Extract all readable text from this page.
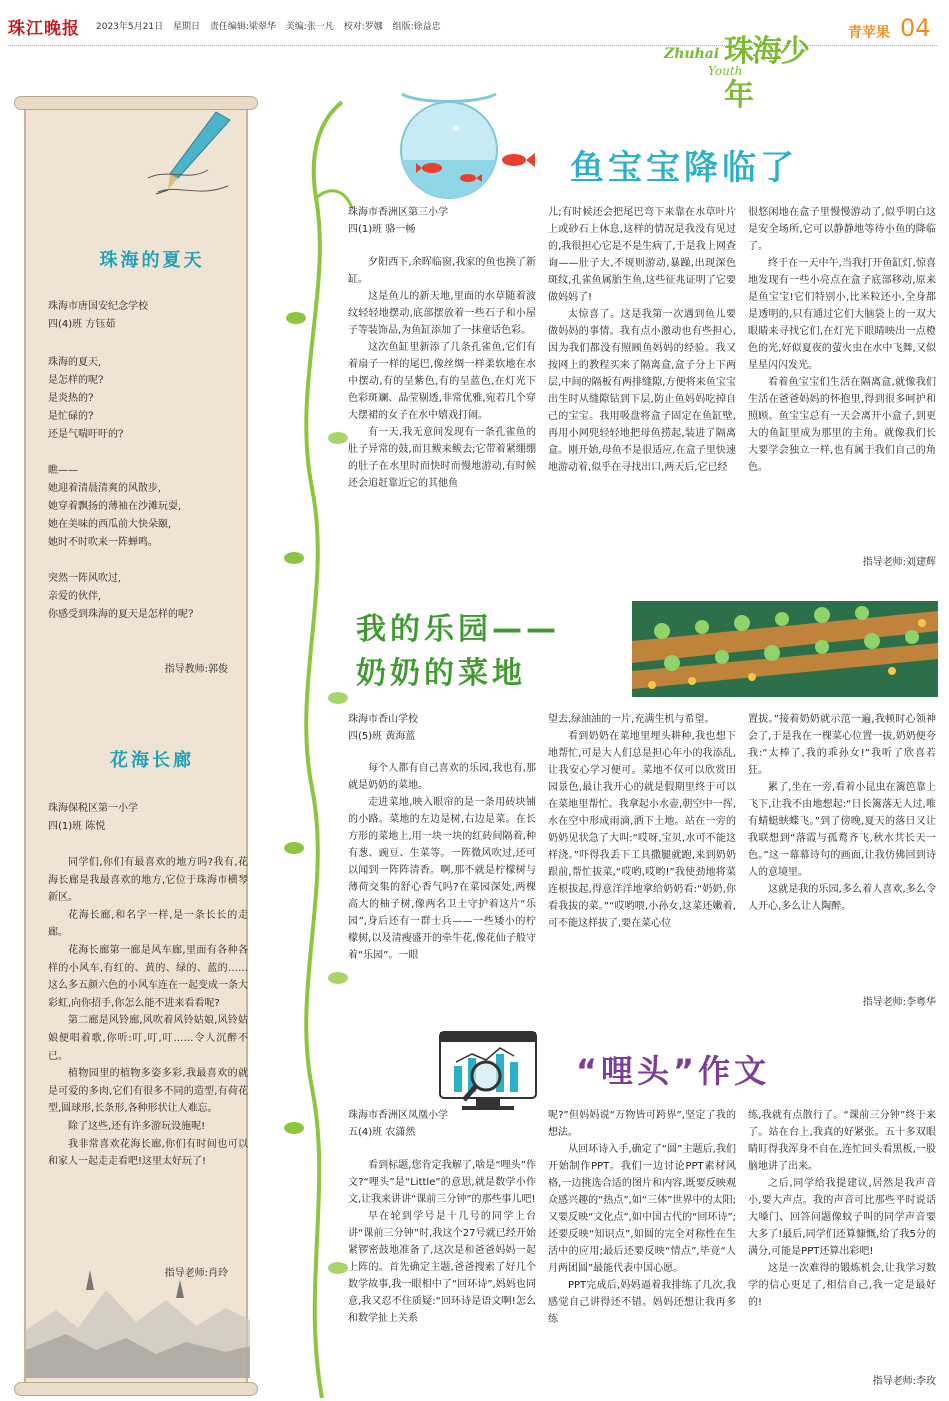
珠江晚报 2023年5月21日 星期日 责任编辑:梁翠华 美编:张一凡 校对:罗娜 组版:徐益忠
珠海少年
Zhuhai
Youth
青苹果 04
珠海的夏天
珠海市唐国安纪念学校
四(4)班 方钰茹
珠海的夏天,
是怎样的呢?
是炎热的?
是忙碌的?
还是气喘吁吁的?
瞧——
她迎着清晨清爽的风散步,
她穿着飘扬的薄袖在沙滩玩耍,
她在美味的西瓜前大快朵颐,
她时不时吹来一阵蝉鸣。
突然一阵风吹过,
亲爱的伙伴,
你感受到珠海的夏天是怎样的呢?
指导教师:郭俊
花海长廊
珠海保税区第一小学
四(1)班 陈悦

同学们,你们有最喜欢的地方吗?我有,花海长廊是我最喜欢的地方,它位于珠海市横琴新区。

花海长廊,和名字一样,是一条长长的走廊。

花海长廊第一廊是风车廊,里面有各种各样的小风车,有红的、黄的、绿的、蓝的……这么多五颜六色的小风车连在一起变成一条大彩虹,向你招手,你怎么能不进来看看呢?

第二廊是风铃廊,风吹着风铃姑娘,风铃姑娘便唱着歌,你听:叮,叮,叮……令人沉醉不已。

植物园里的植物多姿多彩,我最喜欢的就是可爱的多肉,它们有很多不同的造型,有荷花型,圆球形,长条形,各种形状让人难忘。

除了这些,还有许多游玩设施呢!

我非常喜欢花海长廊,你们有时间也可以和家人一起走走看吧!这里太好玩了!

指导老师:肖玲
鱼宝宝降临了
珠海市香洲区第三小学
四(1)班 骆一畅

夕阳西下,余晖临窗,我家的鱼也换了新缸。

这是鱼儿的新天地,里面的水草随着波纹轻轻地摆动,底部摆放着一些石子和小屋子等装饰品,为鱼缸添加了一抹童话色彩。

这次鱼缸里新添了几条孔雀鱼,它们有着扇子一样的尾巴,像丝绸一样柔软地在水中摆动,有的呈紫色,有的呈蓝色,在灯光下色彩斑斓、晶莹剔透,非常优雅,宛若几个穿大摆裙的女子在水中嬉戏打闹。

有一天,我无意间发现有一条孔雀鱼的肚子异常的鼓,而且鲅来鲅去;它带着紧绷绷的肚子在水里时而快时而慢地游动,有时候还会追赶靠近它的其他鱼

儿;有时候还会把尾巴弯下来靠在水草叶片上或砂石上休息,这样的情况是我没有见过的,我很担心它是不是生病了,于是我上网查询——肚子大,不规则游动,暴躁,出现深色斑纹,孔雀鱼属胎生鱼,这些征兆证明了它要做妈妈了!

太惊喜了。这是我第一次遇到鱼儿要做妈妈的事情。我有点小激动也有些担心,因为我们都没有照顾鱼妈妈的经验。我又按网上的教程买来了隔离盒,盒子分上下两层,中间的隔板有两排缝隙,方便将来鱼宝宝出生时从缝隙钻到下层,防止鱼妈妈吃掉自己的宝宝。我用吸盘将盒子固定在鱼缸壁,再用小网兜轻轻地把母鱼捞起,装进了隔离盒。刚开始,母鱼不是很适应,在盒子里快速地游动着,似乎在寻找出口,两天后,它已经

很悠闲地在盒子里慢慢游动了,似乎明白这是安全场所,它可以静静地等待小鱼的降临了。

终于在一天中午,当我打开鱼缸灯,惊喜地发现有一些小亮点在盒子底部移动,原来是鱼宝宝!它们特别小,比米粒还小,全身都是透明的,只有通过它们大脑袋上的一双大眼睛来寻找它们,在灯光下眼睛映出一点橙色的光,好似夏夜的萤火虫在水中飞舞,又似星星闪闪发光。

看着鱼宝宝们生活在隔离盒,就像我们生活在爸爸妈妈的怀抱里,得到很多呵护和照顾。鱼宝宝总有一天会离开小盒子,到更大的鱼缸里成为那里的主角。就像我们长大要学会独立一样,也有属于我们自己的角色。

指导老师:刘建辉
我的乐园——
奶奶的菜地
珠海市香山学校
四(5)班 黄海蓝

每个人都有自己喜欢的乐园,我也有,那就是奶奶的菜地。

走进菜地,映入眼帘的是一条用砖块铺的小路。菜地的左边是树,右边是菜。在长方形的菜地上,用一块一块的红砖间隔着,种有葱、豌豆、生菜等。一阵微风吹过,还可以闻到一阵阵清香。啊,那不就是柠檬树与薄荷交集的舒心香气吗?在菜园深处,两棵高大的柚子树,像两名卫士守护着这片“乐园”,身后还有一群士兵——一些矮小的柠檬树,以及清瘦盛开的牵牛花,像花仙子般守着“乐园”。一眼

望去,绿油油的一片,充满生机与希望。

看到奶奶在菜地里埋头耕种,我也想下地帮忙,可是大人们总是担心年小的我添乱,让我安心学习便可。菜地不仅可以欣赏田园景色,最让我开心的就是假期里终于可以在菜地里帮忙。我拿起小水壶,朝空中一挥,水在空中形成雨滴,洒下土地。站在一旁的奶奶见状急了大叫:“哎呀,宝贝,水可不能这样浇。”吓得我丢下工具撒腿就跑,来到奶奶跟前,帮忙拔菜,“哎哟,哎哟!”我使劲地将菜连根拔起,得意洋洋地拿给奶奶看:“奶奶,你看我拔的菜。”“哎哟喂,小孙女,这菜还嫩着,可不能这样拔了,要在菜心位

置拔。”接着奶奶就示范一遍,我顿时心领神会了,于是我在一棵菜心位置一拔,奶奶便夸我:“太棒了,我的乖孙女!”我听了欣喜若狂。

累了,坐在一旁,看着小昆虫在篱笆靠上飞下,让我不由地想起:“日长篱落无人过,唯有蜻蜓蛱蝶飞。”到了傍晚,夏天的落日又让我联想到“落霞与孤鹜齐飞,秋水共长天一色。”这一幕幕诗句的画面,让我仿佛回到诗人的意境里。

这就是我的乐园,多么着人喜欢,多么令人开心,多么让人陶醉。

指导老师:李粤华
“哩头”作文
珠海市香洲区凤凰小学
五(4)班 农潇然

看到标题,您肯定我解了,啥是“哩头”作文?“哩头”是“Little”的意思,就是数学小作文,让我来讲讲“课前三分钟”的那些事儿吧!

早在轮到学号是十几号的同学上台讲“课前三分钟”时,我这个27号就已经开始紧锣密鼓地准备了,这次是和爸爸妈妈一起上阵的。首先确定主题,爸爸搜索了好几个数学故事,我一眼相中了“回环诗”,妈妈也同意,我又忍不住质疑:“回环诗是语文啊!怎么和数学扯上关系

呢?”但妈妈说“万物皆可跨界”,坚定了我的想法。

从回环诗入手,确定了“圆”主题后,我们开始制作PPT。我们一边讨论PPT素材风格,一边挑选合适的图片和内容,既要反映观众感兴趣的“热点”,如“三体”世界中的太阳;又要反映“文化点”,如中国古代的“回环诗”;还要反映“知识点”,如圆的完全对称性在生活中的应用;最后还要反映“情点”,毕竟“人月两团圆”最能代表中国心愿。

PPT完成后,妈妈逼着我排练了几次,我感觉自己讲得还不错。妈妈还想让我再多练

练,我就有点散行了。“课前三分钟”终于来了。站在台上,我真的好紧张。五十多双眼睛盯得我浑身不自在,连忙回头看黑板,一股脑地讲了出来。

之后,同学给我提建议,居然是我声音小,要大声点。我的声音可比那些平时说话大嗓门、回答问题像蚊子叫的同学声音要大多了!最后,同学们还算慷慨,给了我5分的满分,可能是PPT还算出彩吧!

这是一次难得的锻炼机会,让我学习数学的信心更足了,相信自己,我一定是最好的!

指导老师:李玫
